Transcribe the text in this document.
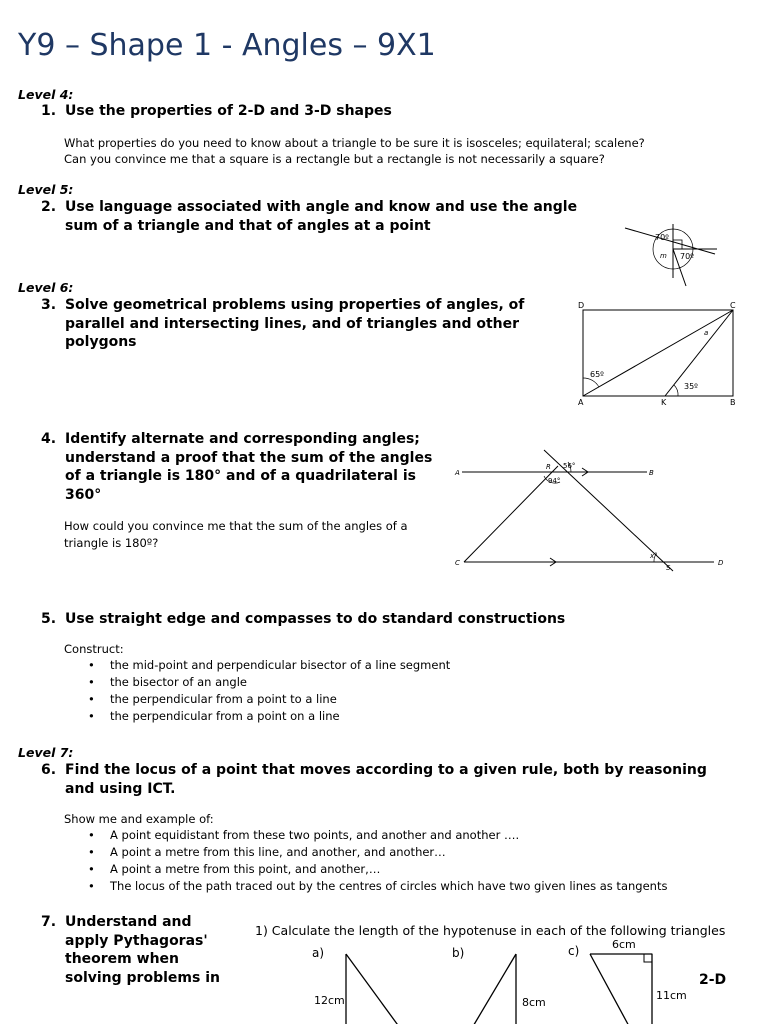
Y9 – Shape 1 - Angles – 9X1
Level 4:
1. Use the properties of 2-D and 3-D shapes
What properties do you need to know about a triangle to be sure it is isosceles; equilateral; scalene?
Can you convince me that a square is a rectangle but a rectangle is not necessarily a square?
Level 5:
2. Use language associated with angle and know and use the angle sum of a triangle and that of angles at a point
70º
70º
m
Level 6:
3. Solve geometrical problems using properties of angles, of parallel and intersecting lines, and of triangles and other polygons
D	C
A	K	B
65º
35º
a
4. Identify alternate and corresponding angles; understand a proof that the sum of the angles of a triangle is 180° and of a quadrilateral is 360°
How could you convince me that the sum of the angles of a triangle is 180º?
A	B
R
C
S
D
56°
94°
x°
5. Use straight edge and compasses to do standard constructions
Construct:
• the mid-point and perpendicular bisector of a line segment
• the bisector of an angle
• the perpendicular from a point to a line
• the perpendicular from a point on a line
Level 7:
6. Find the locus of a point that moves according to a given rule, both by reasoning and using ICT.
Show me and example of:
• A point equidistant from these two points, and another and another ….
• A point a metre from this line, and another, and another…
• A point a metre from this point, and another,…
• The locus of the path traced out by the centres of circles which have two given lines as tangents
7. Understand and apply Pythagoras' theorem when solving problems in	2-D
1) Calculate the length of the hypotenuse in each of the following triangles
a)	b)	c)
12cm	8cm
6cm
11cm
